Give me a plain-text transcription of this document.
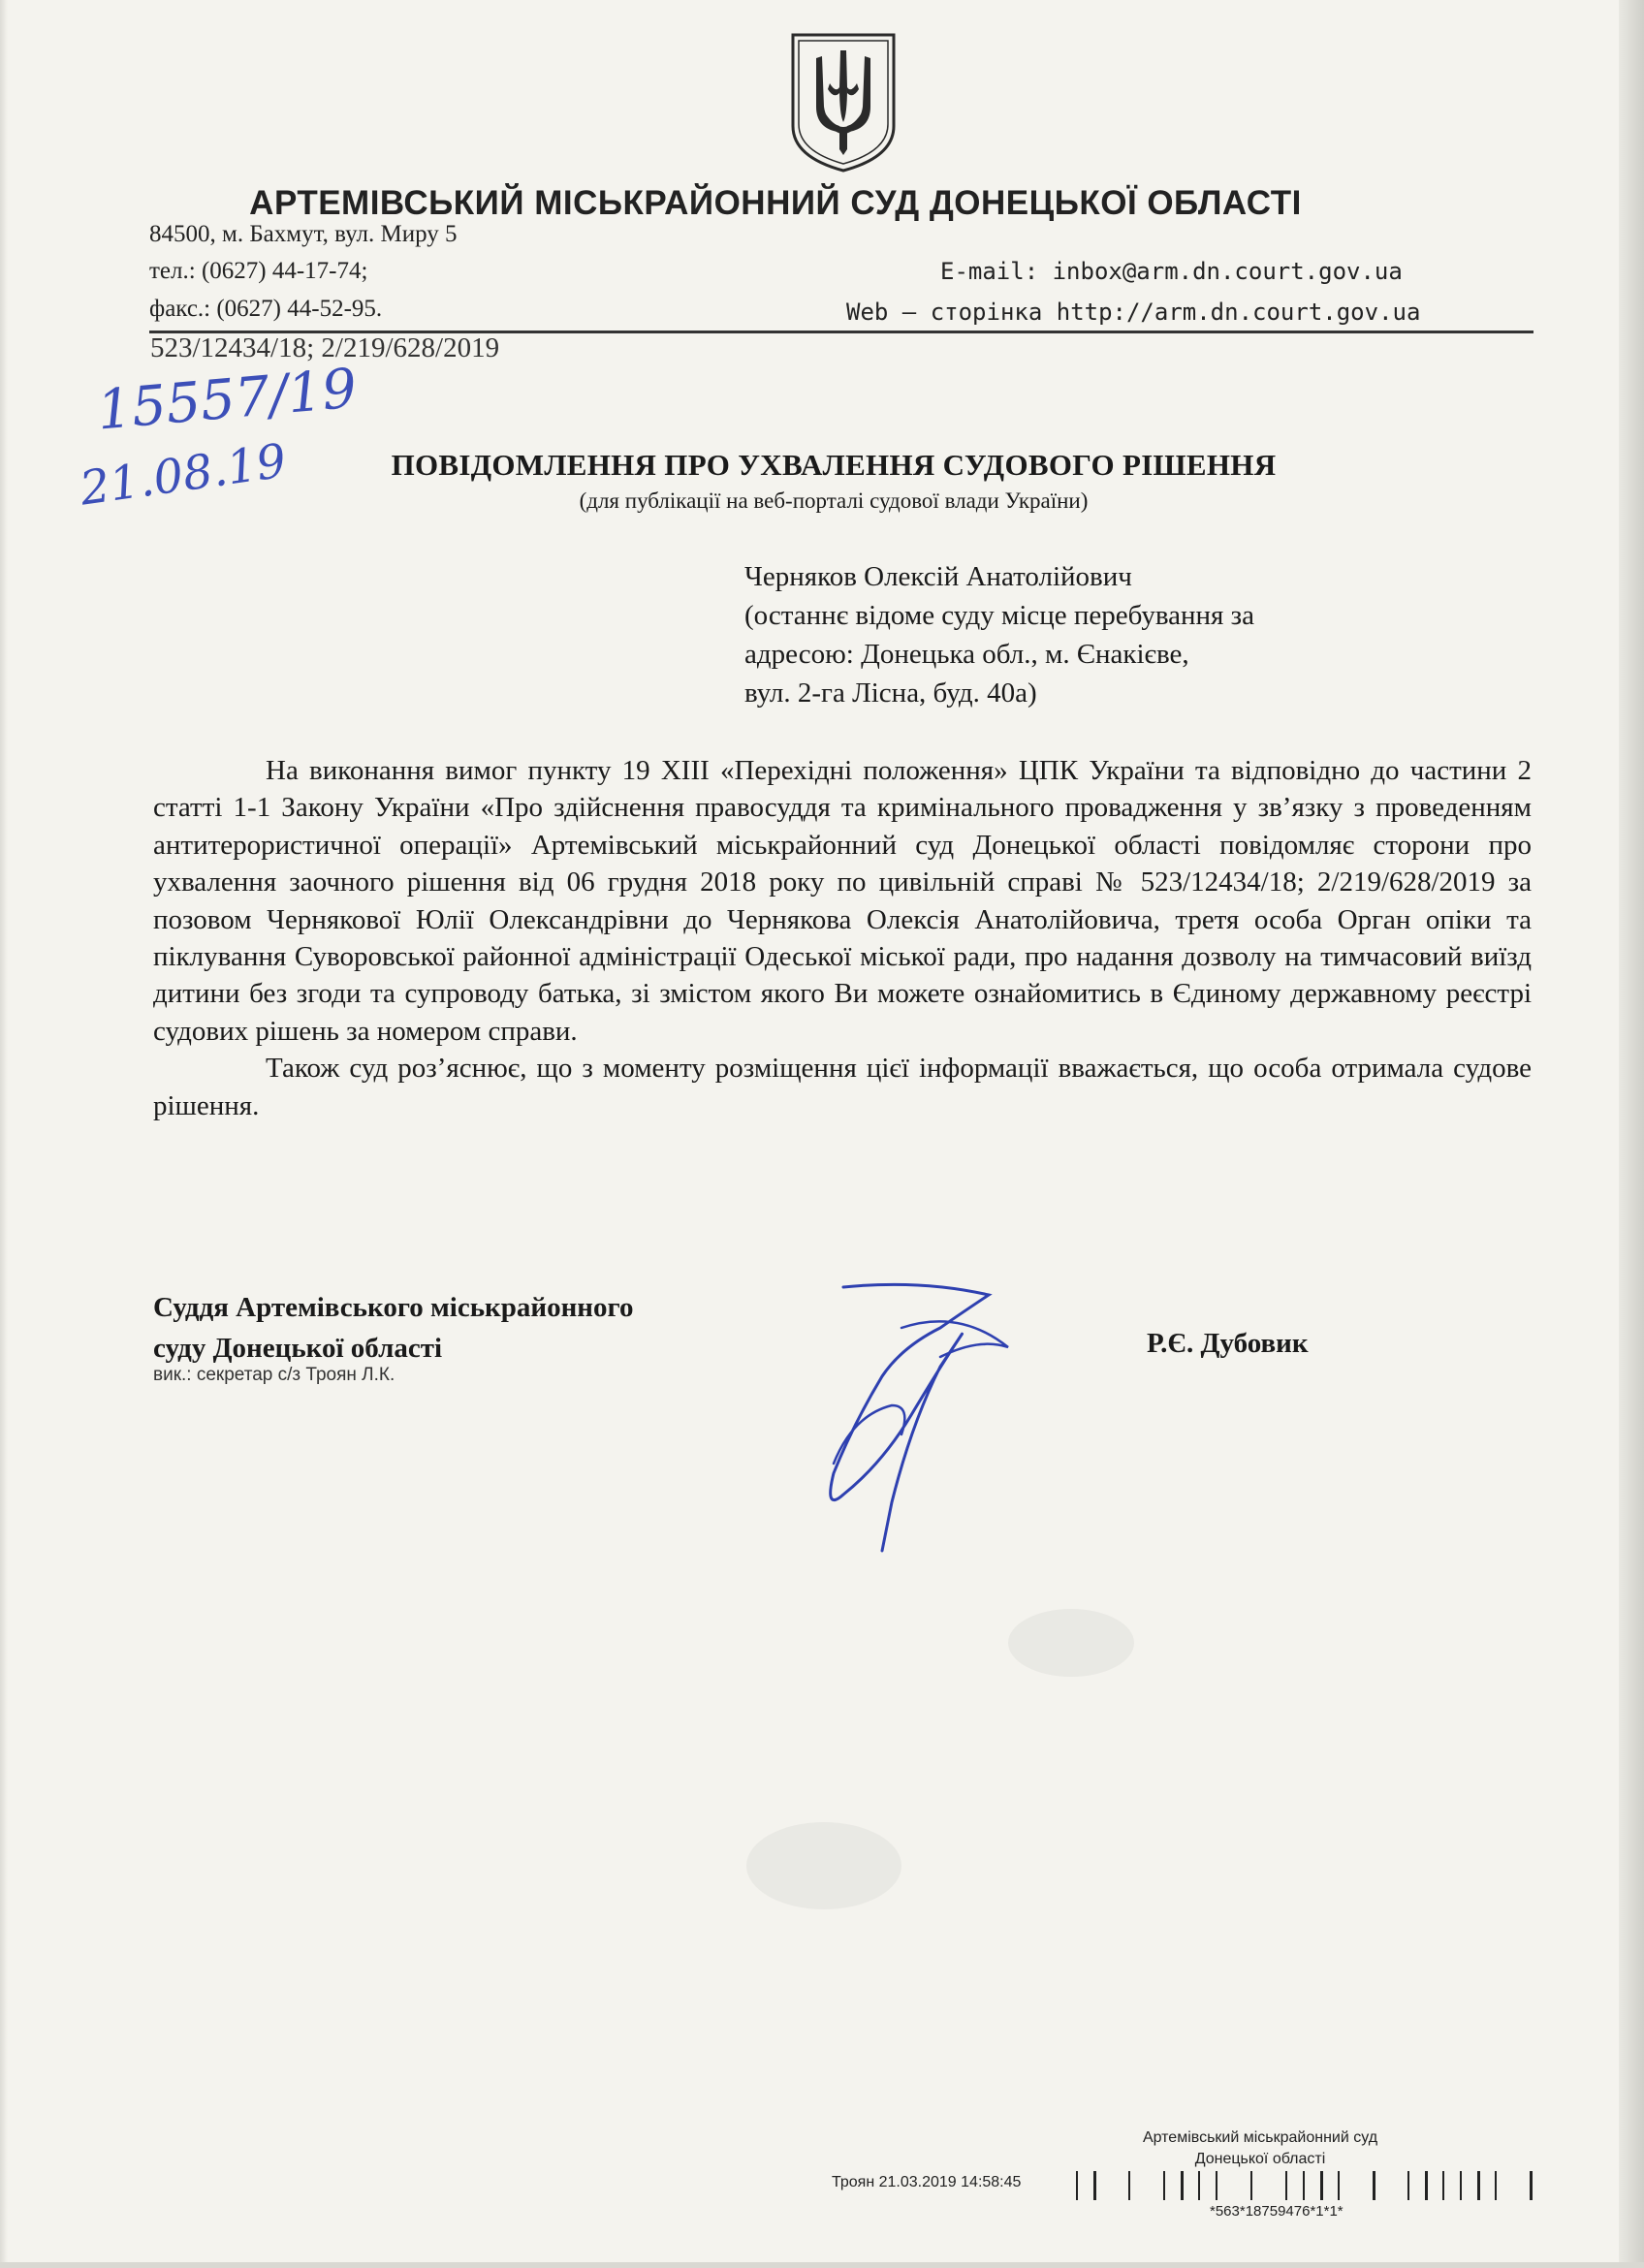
АРТЕМІВСЬКИЙ МІСЬКРАЙОННИЙ СУД ДОНЕЦЬКОЇ ОБЛАСТІ
84500, м. Бахмут, вул. Миру 5
тел.: (0627) 44-17-74;
факс.: (0627) 44-52-95.
E-mail: inbox@arm.dn.court.gov.ua
Web – сторінка http://arm.dn.court.gov.ua
523/12434/18; 2/219/628/2019
15557/19
21.08.19	ПОВІДОМЛЕННЯ ПРО УХВАЛЕННЯ СУДОВОГО РІШЕННЯ
(для публікації на веб-порталі судової влади України)
Черняков Олексій Анатолійович
(останнє відоме суду місце перебування за
адресою: Донецька обл., м. Єнакієве,
вул. 2-га Лісна, буд. 40а)

На виконання вимог пункту 19 ХІІІ «Перехідні положення» ЦПК України та відповідно до частини 2 статті 1-1 Закону України «Про здійснення правосуддя та кримінального провадження у зв’язку з проведенням антитерористичної операції» Артемівський міськрайонний суд Донецької області повідомляє сторони про ухвалення заочного рішення від 06 грудня 2018 року по цивільній справі № 523/12434/18; 2/219/628/2019 за позовом Чернякової Юлії Олександрівни до Чернякова Олексія Анатолійовича, третя особа Орган опіки та піклування Суворовської районної адміністрації Одеської міської ради, про надання дозволу на тимчасовий виїзд дитини без згоди та супроводу батька, зі змістом якого Ви можете ознайомитись в Єдиному державному реєстрі судових рішень за номером справи.

Також суд роз’яснює, що з моменту розміщення цієї інформації вважається, що особа отримала судове рішення.

Суддя Артемівського міськрайонного
суду Донецької області
вик.: секретар с/з Троян Л.К.
Р.Є. Дубовик
Артемівський міськрайонний суд
Донецької області
Троян 21.03.2019 14:58:45
*563*18759476*1*1*
